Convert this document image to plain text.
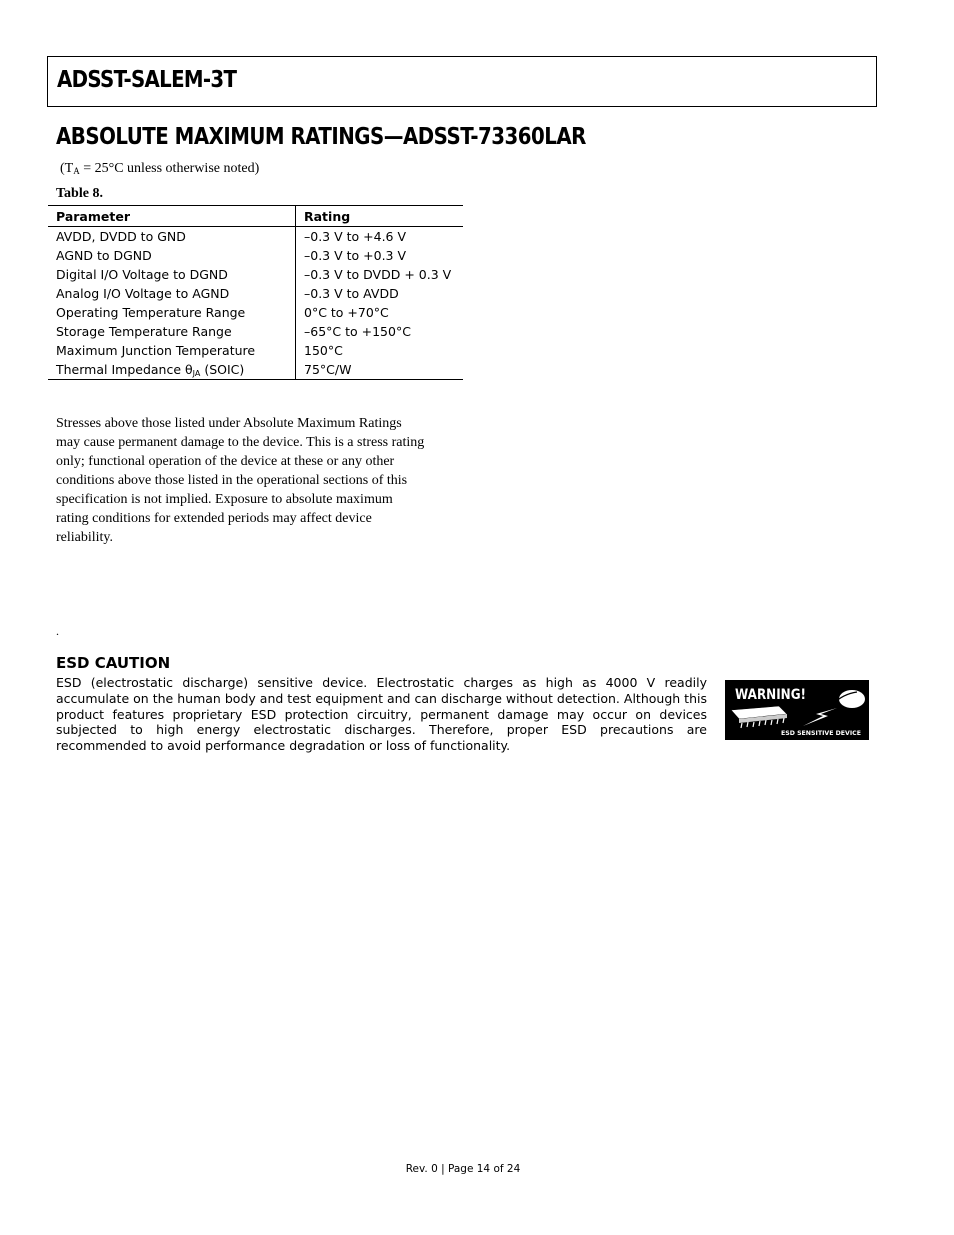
ADSST-SALEM-3T
ABSOLUTE MAXIMUM RATINGS—ADSST-73360LAR
($T_A = 25^\circ C$ unless otherwise noted)
Table 8.
Parameter	Rating
AVDD, DVDD to GND	–0.3 V to +4.6 V
AGND to DGND	–0.3 V to +0.3 V
Digital I/O Voltage to DGND	–0.3 V to DVDD + 0.3 V
Analog I/O Voltage to AGND	–0.3 V to AVDD
Operating Temperature Range	0°C to +70°C
Storage Temperature Range	–65°C to +150°C
Maximum Junction Temperature	150°C
Thermal Impedance $\theta_{JA}$ (SOIC)	75°C/W
Stresses above those listed under Absolute Maximum Ratings may cause permanent damage to the device. This is a stress rating only; functional operation of the device at these or any other conditions above those listed in the operational sections of this specification is not implied. Exposure to absolute maximum rating conditions for extended periods may affect device reliability.
.
ESD CAUTION
ESD (electrostatic discharge) sensitive device. Electrostatic charges as high as 4000 V readily accumulate on the human body and test equipment and can discharge without detection. Although this product features proprietary ESD protection circuitry, permanent damage may occur on devices subjected to high energy electrostatic discharges. Therefore, proper ESD precautions are recommended to avoid performance degradation or loss of functionality.
WARNING!
ESD SENSITIVE DEVICE
Rev. 0 | Page 14 of 24
